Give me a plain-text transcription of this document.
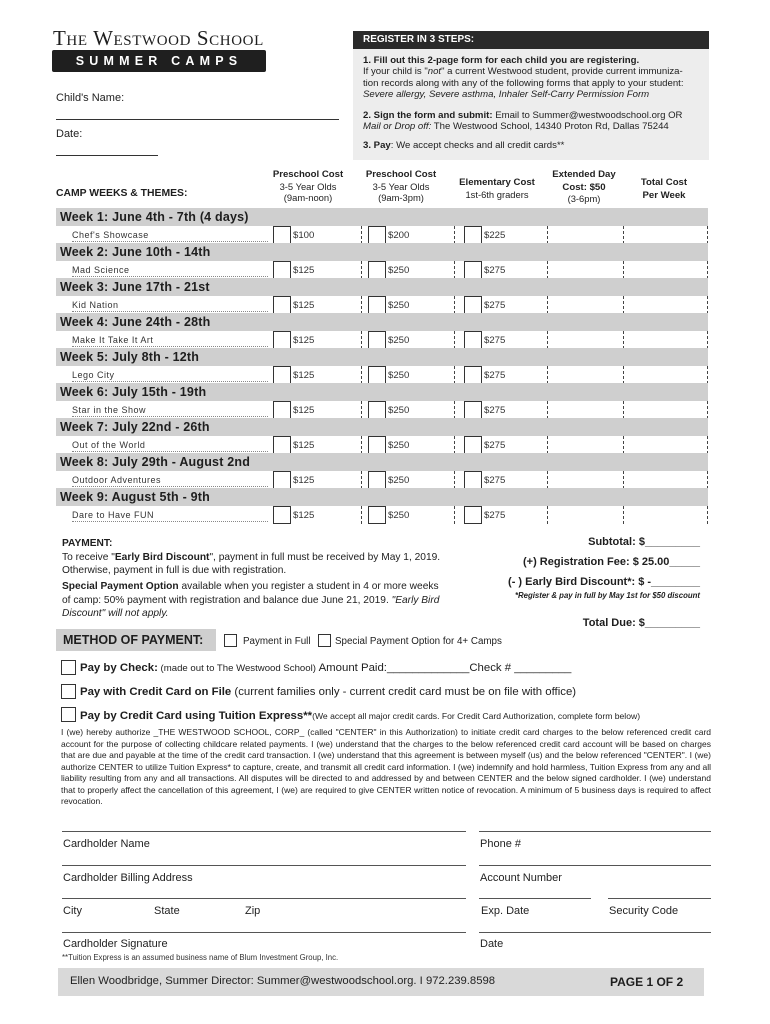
The Westwood School
SUMMER CAMPS 2019
Child's Name:
Date:
REGISTER IN 3 STEPS:
1. Fill out this 2-page form for each child you are registering.
If your child is "not" a current Westwood student, provide current immuniza-
tion records along with any of the following forms that apply to your student:
Severe allergy, Severe asthma, Inhaler Self-Carry Permission Form
2. Sign the form and submit: Email to Summer@westwoodschool.org OR
Mail or Drop off: The Westwood School, 14340 Proton Rd, Dallas 75244
3. Pay: We accept checks and all credit cards**
CAMP WEEKS & THEMES:
Preschool Cost
3-5 Year Olds
(9am-noon)
Preschool Cost
3-5 Year Olds
(9am-3pm)
Elementary Cost
1st-6th graders
Extended Day
Cost: $50
(3-6pm)
Total Cost
Per Week
Week 1: June 4th - 7th (4 days)
Chef's Showcase	$100	$200	$225
Week 2: June 10th - 14th
Mad Science	$125	$250	$275
Week 3: June 17th - 21st
Kid Nation	$125	$250	$275
Week 4: June 24th - 28th
Make It Take It Art	$125	$250	$275
Week 5: July 8th - 12th
Lego City	$125	$250	$275
Week 6: July 15th - 19th
Star in the Show	$125	$250	$275
Week 7: July 22nd - 26th
Out of the World	$125	$250	$275
Week 8: July 29th - August 2nd
Outdoor Adventures	$125	$250	$275
Week 9: August 5th - 9th
Dare to Have FUN	$125	$250	$275
PAYMENT:
To receive "Early Bird Discount", payment in full must be received by May 1, 2019.
Otherwise, payment in full is due with registration.
Special Payment Option available when you register a student in 4 or more weeks
of camp: 50% payment with registration and balance due June 21, 2019. "Early Bird
Discount" will not apply.
Subtotal: $_________
(+) Registration Fee: $ 25.00_____
(- ) Early Bird Discount*: $ -________
*Register & pay in full by May 1st for $50 discount
Total Due: $_________
METHOD OF PAYMENT:	Payment in Full Special Payment Option for 4+ Camps
Pay by Check: (made out to The Westwood School) Amount Paid:_____________Check # _________
Pay with Credit Card on File (current families only - current credit card must be on file with office)
Pay by Credit Card using Tuition Express**(We accept all major credit cards. For Credit Card Authorization, complete form below)
I (we) hereby authorize _THE WESTWOOD SCHOOL, CORP_ (called "CENTER" in this Authorization) to initiate credit card charges to the below referenced credit card account for the purpose of collecting childcare related payments. I (we) understand that the charges to the below referenced credit card account will be based on charges that are due and payable at the time of the credit card transaction. I (we) understand that this agreement is between myself (us) and the below referenced "CENTER". I (we) authorize CENTER to utilize Tuition Express* to capture, create, and transmit all credit card information. I (we) indemnify and hold harmless, Tuition Express from any and all liability resulting from any and all transactions. All disputes will be directed to and addressed by and between CENTER and the below signed cardholder. I (we) understand that to properly affect the cancellation of this agreement, I (we) are required to give CENTER written notice of revocation. A minimum of 5 business days is required to affect revocation.
Cardholder Name	Phone #
Cardholder Billing Address	Account Number
City	State	Zip	Exp. Date	Security Code
Cardholder Signature	Date
**Tuition Express is an assumed business name of Blum Investment Group, Inc.
Ellen Woodbridge, Summer Director: Summer@westwoodschool.org. I 972.239.8598	PAGE 1 OF 2
